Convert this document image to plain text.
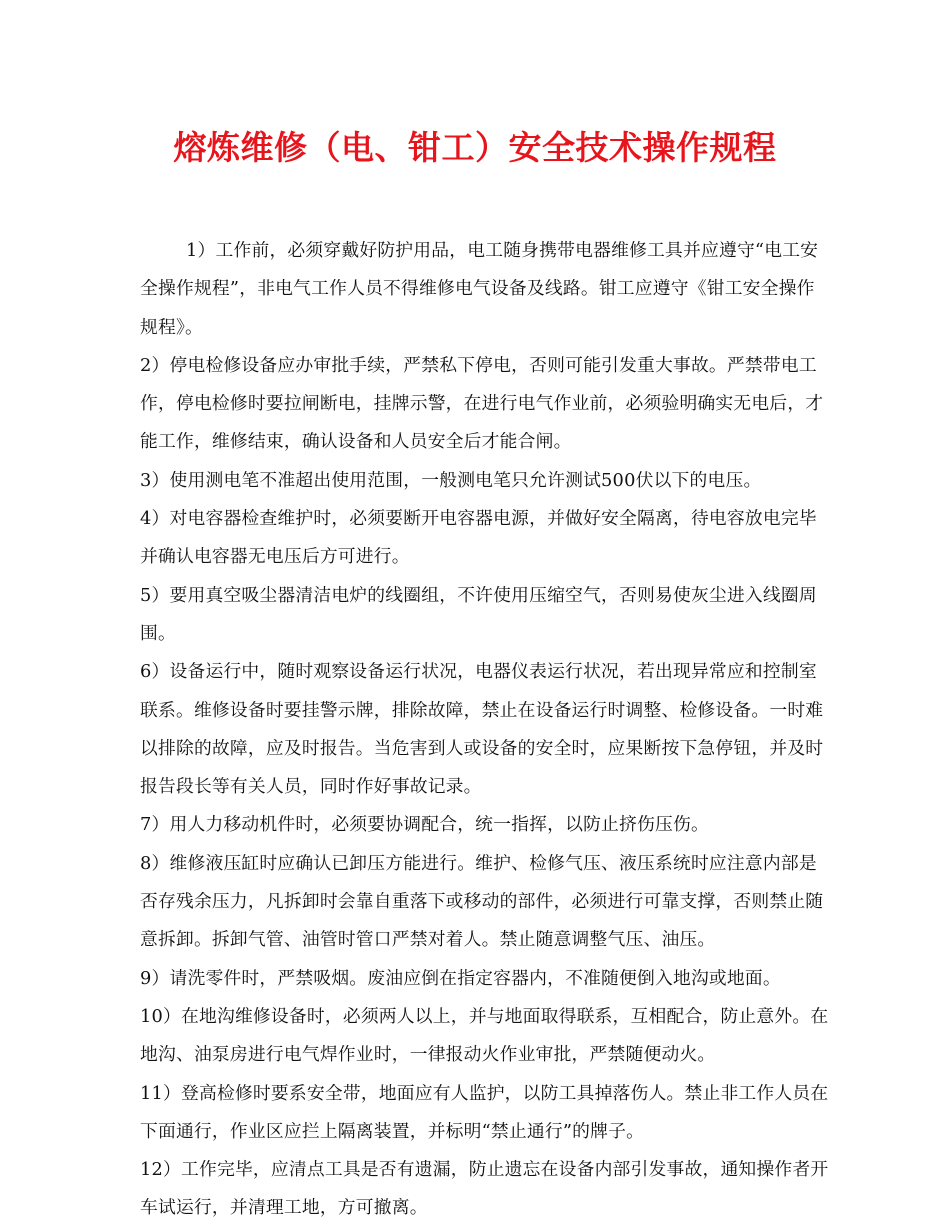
熔炼维修（电、钳工）安全技术操作规程

1）工作前，必须穿戴好防护用品，电工随身携带电器维修工具并应遵守“电工安全操作规程”，非电气工作人员不得维修电气设备及线路。钳工应遵守《钳工安全操作规程》。

2）停电检修设备应办审批手续，严禁私下停电，否则可能引发重大事故。严禁带电工作，停电检修时要拉闸断电，挂牌示警，在进行电气作业前，必须验明确实无电后，才能工作，维修结束，确认设备和人员安全后才能合闸。

3）使用测电笔不准超出使用范围，一般测电笔只允许测试500伏以下的电压。

4）对电容器检查维护时，必须要断开电容器电源，并做好安全隔离，待电容放电完毕并确认电容器无电压后方可进行。

5）要用真空吸尘器清洁电炉的线圈组，不许使用压缩空气，否则易使灰尘进入线圈周围。

6）设备运行中，随时观察设备运行状况，电器仪表运行状况，若出现异常应和控制室联系。维修设备时要挂警示牌，排除故障，禁止在设备运行时调整、检修设备。一时难以排除的故障，应及时报告。当危害到人或设备的安全时，应果断按下急停钮，并及时报告段长等有关人员，同时作好事故记录。

7）用人力移动机件时，必须要协调配合，统一指挥，以防止挤伤压伤。

8）维修液压缸时应确认已卸压方能进行。维护、检修气压、液压系统时应注意内部是否存残余压力，凡拆卸时会靠自重落下或移动的部件，必须进行可靠支撑，否则禁止随意拆卸。拆卸气管、油管时管口严禁对着人。禁止随意调整气压、油压。

9）请洗零件时，严禁吸烟。废油应倒在指定容器内，不准随便倒入地沟或地面。

10）在地沟维修设备时，必须两人以上，并与地面取得联系，互相配合，防止意外。在地沟、油泵房进行电气焊作业时，一律报动火作业审批，严禁随便动火。

11）登高检修时要系安全带，地面应有人监护，以防工具掉落伤人。禁止非工作人员在下面通行，作业区应拦上隔离装置，并标明“禁止通行”的牌子。

12）工作完毕，应清点工具是否有遗漏，防止遗忘在设备内部引发事故，通知操作者开车试运行，并清理工地，方可撤离。
